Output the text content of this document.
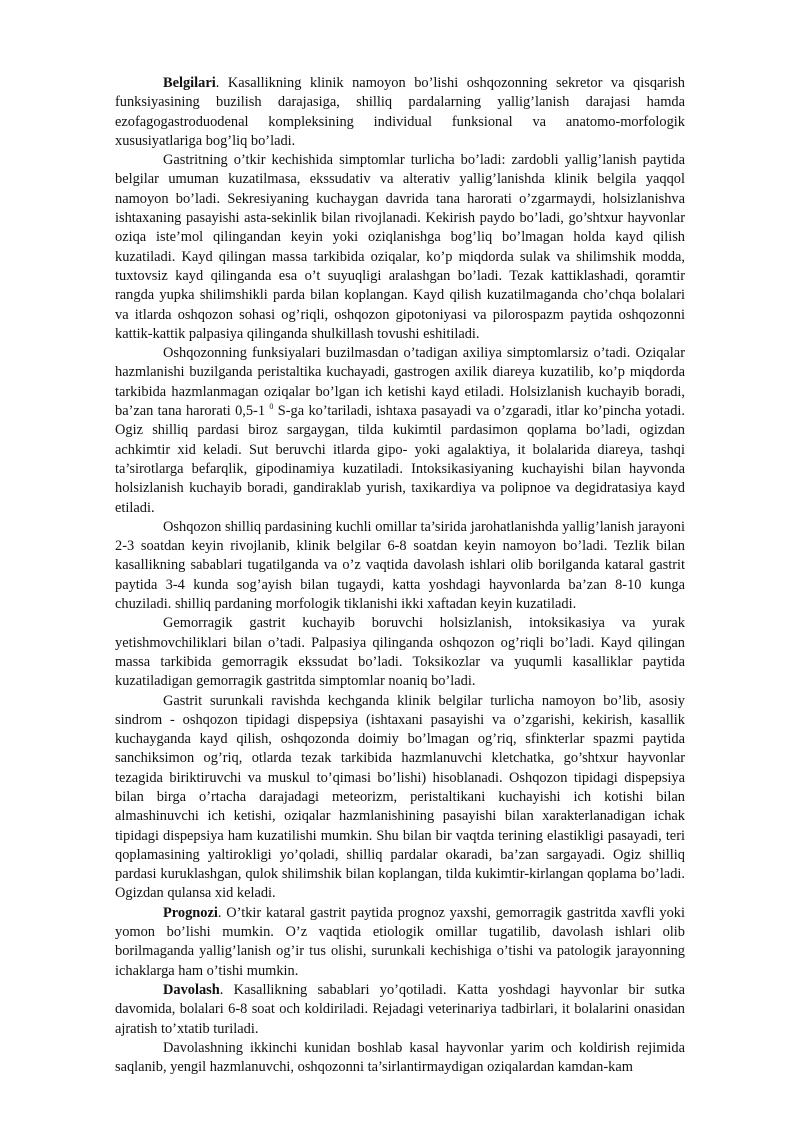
Belgilari. Kasallikning klinik namoyon bo’lishi oshqozonning sekretor va qisqarish funksiyasining buzilish darajasiga, shilliq pardalarning yallig’lanish darajasi hamda ezofagogastroduodenal kompleksining individual funksional va anatomo-morfologik xususiyatlariga bog’liq bo’ladi.

Gastritning o’tkir kechishida simptomlar turlicha bo’ladi: zardobli yallig’lanish paytida belgilar umuman kuzatilmasa, ekssudativ va alterativ yallig’lanishda klinik belgila yaqqol namoyon bo’ladi. Sekresiyaning kuchaygan davrida tana harorati o’zgarmaydi, holsizlanishva ishtaxaning pasayishi asta-sekinlik bilan rivojlanadi. Kekirish paydo bo’ladi, go’shtxur hayvonlar oziqa iste’mol qilingandan keyin yoki oziqlanishga bog’liq bo’lmagan holda kayd qilish kuzatiladi. Kayd qilingan massa tarkibida oziqalar, ko’p miqdorda sulak va shilimshik modda, tuxtovsiz kayd qilinganda esa o’t suyuqligi aralashgan bo’ladi. Tezak kattiklashadi, qoramtir rangda yupka shilimshikli parda bilan koplangan. Kayd qilish kuzatilmaganda cho’chqa bolalari va itlarda oshqozon sohasi og’riqli, oshqozon gipotoniyasi va pilorospazm paytida oshqozonni kattik-kattik palpasiya qilinganda shulkillash tovushi eshitiladi.

Oshqozonning funksiyalari buzilmasdan o’tadigan axiliya simptomlarsiz o’tadi. Oziqalar hazmlanishi buzilganda peristaltika kuchayadi, gastrogen axilik diareya kuzatilib, ko’p miqdorda tarkibida hazmlanmagan oziqalar bo’lgan ich ketishi kayd etiladi. Holsizlanish kuchayib boradi, ba’zan tana harorati 0,5-1 $^0$ S-ga ko’tariladi, ishtaxa pasayadi va o’zgaradi, itlar ko’pincha yotadi. Ogiz shilliq pardasi biroz sargaygan, tilda kukimtil pardasimon qoplama bo’ladi, ogizdan achkimtir xid keladi. Sut beruvchi itlarda gipo- yoki agalaktiya, it bolalarida diareya, tashqi ta’sirotlarga befarqlik, gipodinamiya kuzatiladi. Intoksikasiyaning kuchayishi bilan hayvonda holsizlanish kuchayib boradi, gandiraklab yurish, taxikardiya va polipnoe va degidratasiya kayd etiladi.

Oshqozon shilliq pardasining kuchli omillar ta’sirida jarohatlanishda yallig’lanish jarayoni 2-3 soatdan keyin rivojlanib, klinik belgilar 6-8 soatdan keyin namoyon bo’ladi. Tezlik bilan kasallikning sabablari tugatilganda va o’z vaqtida davolash ishlari olib borilganda kataral gastrit paytida 3-4 kunda sog’ayish bilan tugaydi, katta yoshdagi hayvonlarda ba’zan 8-10 kunga chuziladi. shilliq pardaning morfologik tiklanishi ikki xaftadan keyin kuzatiladi.

Gemorragik gastrit kuchayib boruvchi holsizlanish, intoksikasiya va yurak yetishmovchiliklari bilan o’tadi. Palpasiya qilinganda oshqozon og’riqli bo’ladi. Kayd qilingan massa tarkibida gemorragik ekssudat bo’ladi. Toksikozlar va yuqumli kasalliklar paytida kuzatiladigan gemorragik gastritda simptomlar noaniq bo’ladi.

Gastrit surunkali ravishda kechganda klinik belgilar turlicha namoyon bo’lib, asosiy sindrom - oshqozon tipidagi dispepsiya (ishtaxani pasayishi va o’zgarishi, kekirish, kasallik kuchayganda kayd qilish, oshqozonda doimiy bo’lmagan og’riq, sfinkterlar spazmi paytida sanchiksimon og’riq, otlarda tezak tarkibida hazmlanuvchi kletchatka, go’shtxur hayvonlar tezagida biriktiruvchi va muskul to’qimasi bo’lishi) hisoblanadi. Oshqozon tipidagi dispepsiya bilan birga o’rtacha darajadagi meteorizm, peristaltikani kuchayishi ich kotishi bilan almashinuvchi ich ketishi, oziqalar hazmlanishining pasayishi bilan xarakterlanadigan ichak tipidagi dispepsiya ham kuzatilishi mumkin. Shu bilan bir vaqtda terining elastikligi pasayadi, teri qoplamasining yaltirokligi yo’qoladi, shilliq pardalar okaradi, ba’zan sargayadi. Ogiz shilliq pardasi kuruklashgan, qulok shilimshik bilan koplangan, tilda kukimtir-kirlangan qoplama bo’ladi. Ogizdan qulansa xid keladi.

Prognozi. O’tkir kataral gastrit paytida prognoz yaxshi, gemorragik gastritda xavfli yoki yomon bo’lishi mumkin. O’z vaqtida etiologik omillar tugatilib, davolash ishlari olib borilmaganda yallig’lanish og’ir tus olishi, surunkali kechishiga o’tishi va patologik jarayonning ichaklarga ham o’tishi mumkin.

Davolash. Kasallikning sabablari yo’qotiladi. Katta yoshdagi hayvonlar bir sutka davomida, bolalari 6-8 soat och koldiriladi. Rejadagi veterinariya tadbirlari, it bolalarini onasidan ajratish to’xtatib turiladi.

Davolashning ikkinchi kunidan boshlab kasal hayvonlar yarim och koldirish rejimida saqlanib, yengil hazmlanuvchi, oshqozonni ta’sirlantirmaydigan oziqalardan kamdan-kam
